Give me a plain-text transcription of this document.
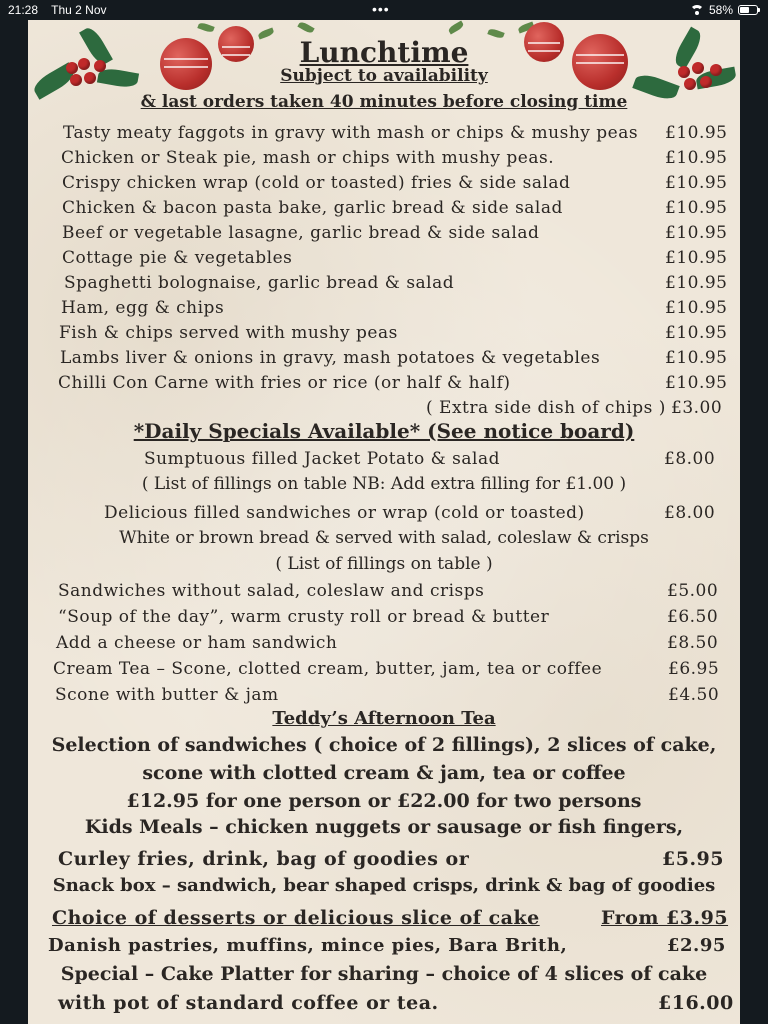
21:28 Thu 2 Nov	•••	58%
Lunchtime
Subject to availability
& last orders taken 40 minutes before closing time
Tasty meaty faggots in gravy with mash or chips & mushy peas £10.95
Chicken or Steak pie, mash or chips with mushy peas.	£10.95
Crispy chicken wrap (cold or toasted) fries & side salad	£10.95
Chicken & bacon pasta bake, garlic bread & side salad	£10.95
Beef or vegetable lasagne, garlic bread & side salad	£10.95
Cottage pie & vegetables	£10.95
Spaghetti bolognaise, garlic bread & salad	£10.95
Ham, egg & chips	£10.95
Fish & chips served with mushy peas	£10.95
Lambs liver & onions in gravy, mash potatoes & vegetables	£10.95
Chilli Con Carne with fries or rice (or half & half)	£10.95
( Extra side dish of chips ) £3.00
*Daily Specials Available* (See notice board)
Sumptuous filled Jacket Potato & salad	£8.00
( List of fillings on table NB: Add extra filling for £1.00 )
Delicious filled sandwiches or wrap (cold or toasted)	£8.00
White or brown bread & served with salad, coleslaw & crisps
( List of fillings on table )
Sandwiches without salad, coleslaw and crisps	£5.00
“Soup of the day”, warm crusty roll or bread & butter	£6.50
Add a cheese or ham sandwich	£8.50
Cream Tea – Scone, clotted cream, butter, jam, tea or coffee	£6.95
Scone with butter & jam	£4.50
Teddy’s Afternoon Tea
Selection of sandwiches ( choice of 2 fillings), 2 slices of cake,
scone with clotted cream & jam, tea or coffee
£12.95 for one person or £22.00 for two persons
Kids Meals – chicken nuggets or sausage or fish fingers,
Curley fries, drink, bag of goodies or	£5.95
Snack box – sandwich, bear shaped crisps, drink & bag of goodies
Choice of desserts or delicious slice of cake	From £3.95
Danish pastries, muffins, mince pies, Bara Brith,	£2.95
Special – Cake Platter for sharing – choice of 4 slices of cake
with pot of standard coffee or tea.	£16.00
